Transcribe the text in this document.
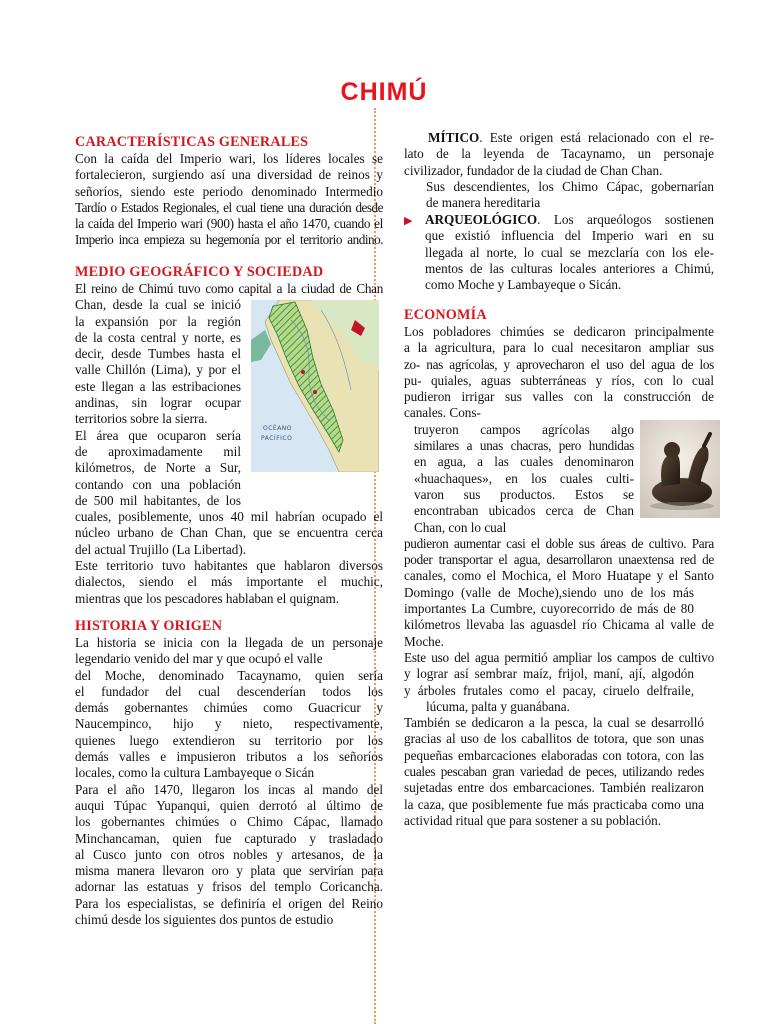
CHIMÚ
CARACTERÍSTICAS GENERALES

Con la caída del Imperio wari, los líderes locales se
fortalecieron, surgiendo así una diversidad de reinos y
señoríos, siendo este periodo denominado Intermedio
Tardío o Estados Regionales, el cual tiene una duración desde
la caída del Imperio wari (900) hasta el año 1470, cuando el
Imperio inca empieza su hegemonía por el territorio andino.

MEDIO GEOGRÁFICO Y SOCIEDAD

El reino de Chimú tuvo como capital a la ciudad de Chan
Chan, desde la cual se inició
la expansión por la región
de la costa central y norte, es
decir, desde Tumbes hasta el
valle Chillón (Lima), y por el
este llegan a las estribaciones
andinas, sin lograr ocupar
territorios sobre la sierra.
El área que ocuparon sería
de aproximadamente mil
kilómetros, de Norte a Sur,
contando con una población
de 500 mil habitantes, de los
cuales, posiblemente, unos 40 mil habrían ocupado el
núcleo urbano de Chan Chan, que se encuentra cerca
del actual Trujillo (La Libertad).
Este territorio tuvo habitantes que hablaron diversos
dialectos, siendo el más importante el muchic,
mientras que los pescadores hablaban el quignam.

OCÉANO
PACÍFICO
HISTORIA Y ORIGEN

La historia se inicia con la llegada de un personaje
legendario venido del mar y que ocupó el valle
del Moche, denominado Tacaynamo, quien sería
el fundador del cual descenderían todos los
demás gobernantes chimúes como Guacricur y
Naucempinco, hijo y nieto, respectivamente,
quienes luego extendieron su territorio por los
demás valles e impusieron tributos a los señoríos
locales, como la cultura Lambayeque o Sicán
Para el año 1470, llegaron los incas al mando del
auqui Túpac Yupanqui, quien derrotó al último de
los gobernantes chimúes o Chimo Cápac, llamado
Minchancaman, quien fue capturado y trasladado
al Cusco junto con otros nobles y artesanos, de la
misma manera llevaron oro y plata que servirían para
adornar las estatuas y frisos del templo Coricancha.
Para los especialistas, se definiría el origen del Reino
chimú desde los siguientes dos puntos de estudio

MÍTICO. Este origen está relacionado con el re-
lato de la leyenda de Tacaynamo, un personaje
civilizador, fundador de la ciudad de Chan Chan.
Sus descendientes, los Chimo Cápac, gobernarían
de manera hereditaria

▶ ARQUEOLÓGICO. Los arqueólogos sostienen
que existió influencia del Imperio wari en su
llegada al norte, lo cual se mezclaría con los ele-
mentos de las culturas locales anteriores a Chimú,
como Moche y Lambayeque o Sicán.

ECONOMÍA

Los pobladores chimúes se dedicaron principalmente
a la agricultura, para lo cual necesitaron ampliar sus
zo- nas agrícolas, y aprovecharon el uso del agua de los
pu- quiales, aguas subterráneas y ríos, con lo cual
pudieron irrigar sus valles con la construcción de
canales. Cons-

truyeron campos agrícolas algo
similares a unas chacras, pero hundidas
en agua, a las cuales denominaron
«huachaques», en los cuales culti-
varon sus productos. Estos se
encontraban ubicados cerca de Chan
Chan, con lo cual

pudieron aumentar casi el doble sus áreas de cultivo. Para
poder transportar el agua, desarrollaron unaextensa red de
canales, como el Mochica, el Moro Huatape y el Santo
Domingo (valle de Moche),siendo uno de los más
importantes La Cumbre, cuyorecorrido de más de 80
kilómetros llevaba las aguasdel río Chicama al valle de
Moche.
Este uso del agua permitió ampliar los campos de cultivo
y lograr así sembrar maíz, frijol, maní, ají, algodón
y árboles frutales como el pacay, ciruelo delfraile,
lúcuma, palta y guanábana.
También se dedicaron a la pesca, la cual se desarrolló
gracias al uso de los caballitos de totora, que son unas
pequeñas embarcaciones elaboradas con totora, con las
cuales pescaban gran variedad de peces, utilizando redes
sujetadas entre dos embarcaciones. También realizaron
la caza, que posiblemente fue más practicaba como una
actividad ritual que para sostener a su población.
